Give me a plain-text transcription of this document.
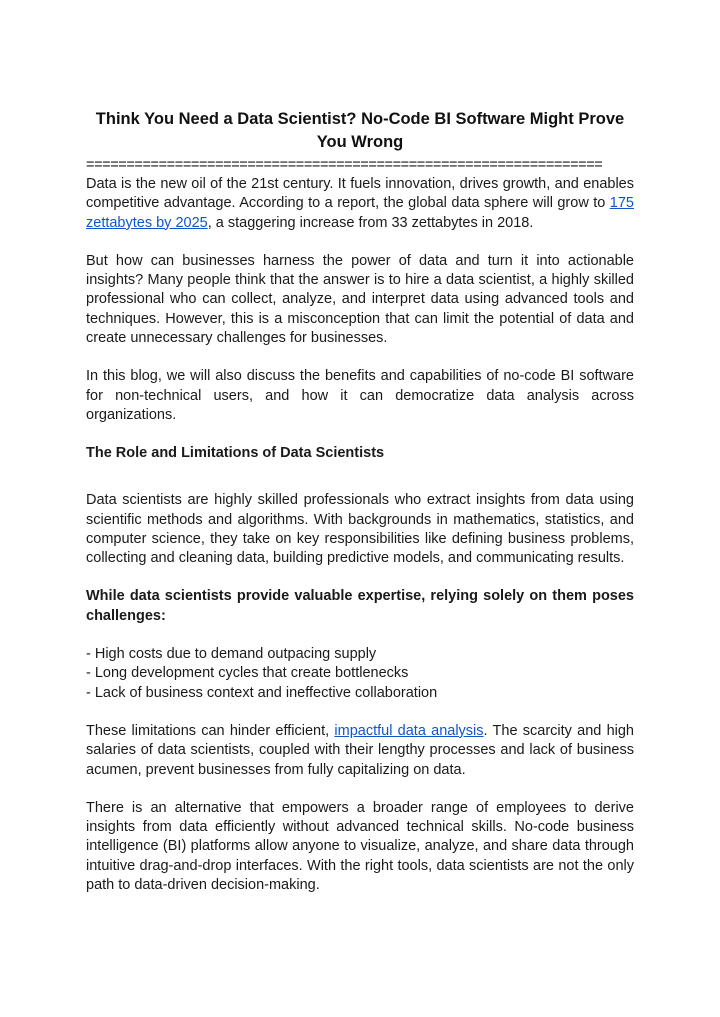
Think You Need a Data Scientist? No-Code BI Software Might Prove You Wrong
================================================================

Data is the new oil of the 21st century. It fuels innovation, drives growth, and enables competitive advantage. According to a report, the global data sphere will grow to 175 zettabytes by 2025, a staggering increase from 33 zettabytes in 2018.

But how can businesses harness the power of data and turn it into actionable insights? Many people think that the answer is to hire a data scientist, a highly skilled professional who can collect, analyze, and interpret data using advanced tools and techniques. However, this is a misconception that can limit the potential of data and create unnecessary challenges for businesses.

In this blog, we will also discuss the benefits and capabilities of no-code BI software for non-technical users, and how it can democratize data analysis across organizations.

The Role and Limitations of Data Scientists

Data scientists are highly skilled professionals who extract insights from data using scientific methods and algorithms. With backgrounds in mathematics, statistics, and computer science, they take on key responsibilities like defining business problems, collecting and cleaning data, building predictive models, and communicating results.

While data scientists provide valuable expertise, relying solely on them poses challenges:

- High costs due to demand outpacing supply
- Long development cycles that create bottlenecks
- Lack of business context and ineffective collaboration

These limitations can hinder efficient, impactful data analysis. The scarcity and high salaries of data scientists, coupled with their lengthy processes and lack of business acumen, prevent businesses from fully capitalizing on data.

There is an alternative that empowers a broader range of employees to derive insights from data efficiently without advanced technical skills. No-code business intelligence (BI) platforms allow anyone to visualize, analyze, and share data through intuitive drag-and-drop interfaces. With the right tools, data scientists are not the only path to data-driven decision-making.
